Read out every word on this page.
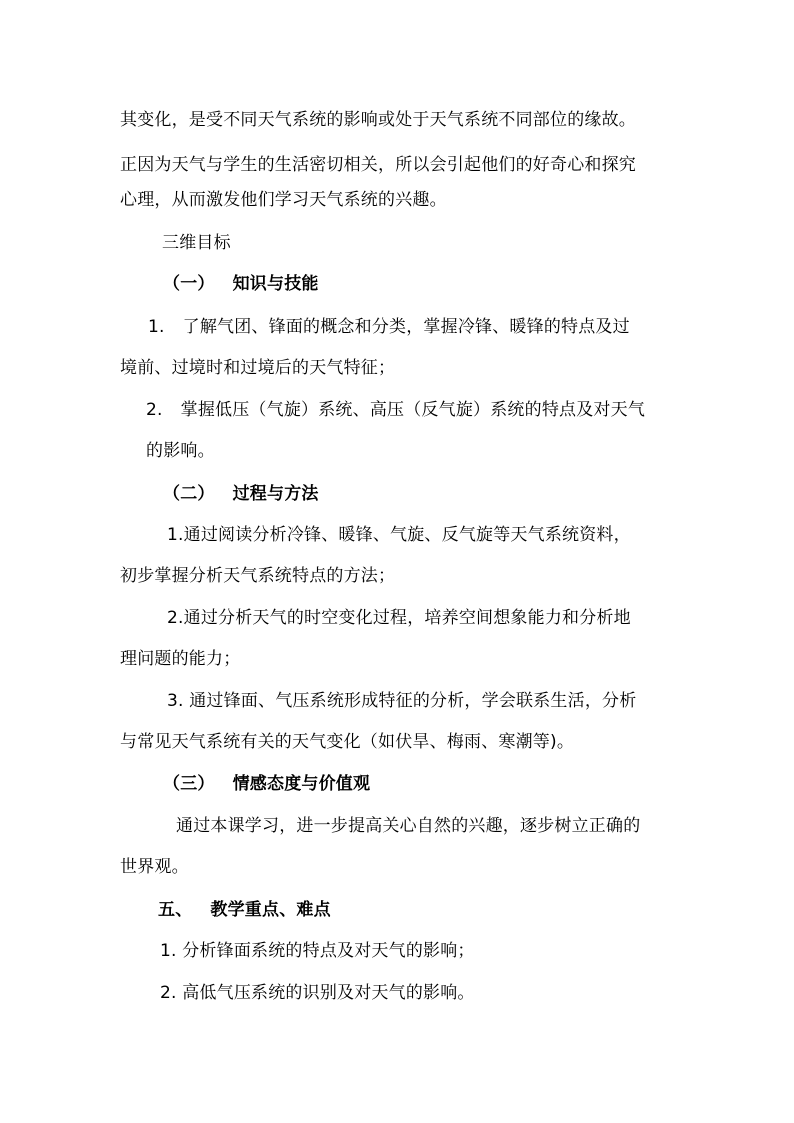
其变化，是受不同天气系统的影响或处于天气系统不同部位的缘故。
正因为天气与学生的生活密切相关，所以会引起他们的好奇心和探究
心理，从而激发他们学习天气系统的兴趣。
三维目标
（一） 知识与技能
1. 了解气团、锋面的概念和分类，掌握冷锋、暖锋的特点及过
境前、过境时和过境后的天气特征；
2. 掌握低压（气旋）系统、高压（反气旋）系统的特点及对天气
的影响。
（二） 过程与方法
1.通过阅读分析冷锋、暖锋、气旋、反气旋等天气系统资料，
初步掌握分析天气系统特点的方法；
2.通过分析天气的时空变化过程，培养空间想象能力和分析地
理问题的能力；
3. 通过锋面、气压系统形成特征的分析，学会联系生活，分析
与常见天气系统有关的天气变化（如伏旱、梅雨、寒潮等)。
（三） 情感态度与价值观
通过本课学习，进一步提高关心自然的兴趣，逐步树立正确的
世界观。
五、 教学重点、难点
1. 分析锋面系统的特点及对天气的影响；
2. 高低气压系统的识别及对天气的影响。
